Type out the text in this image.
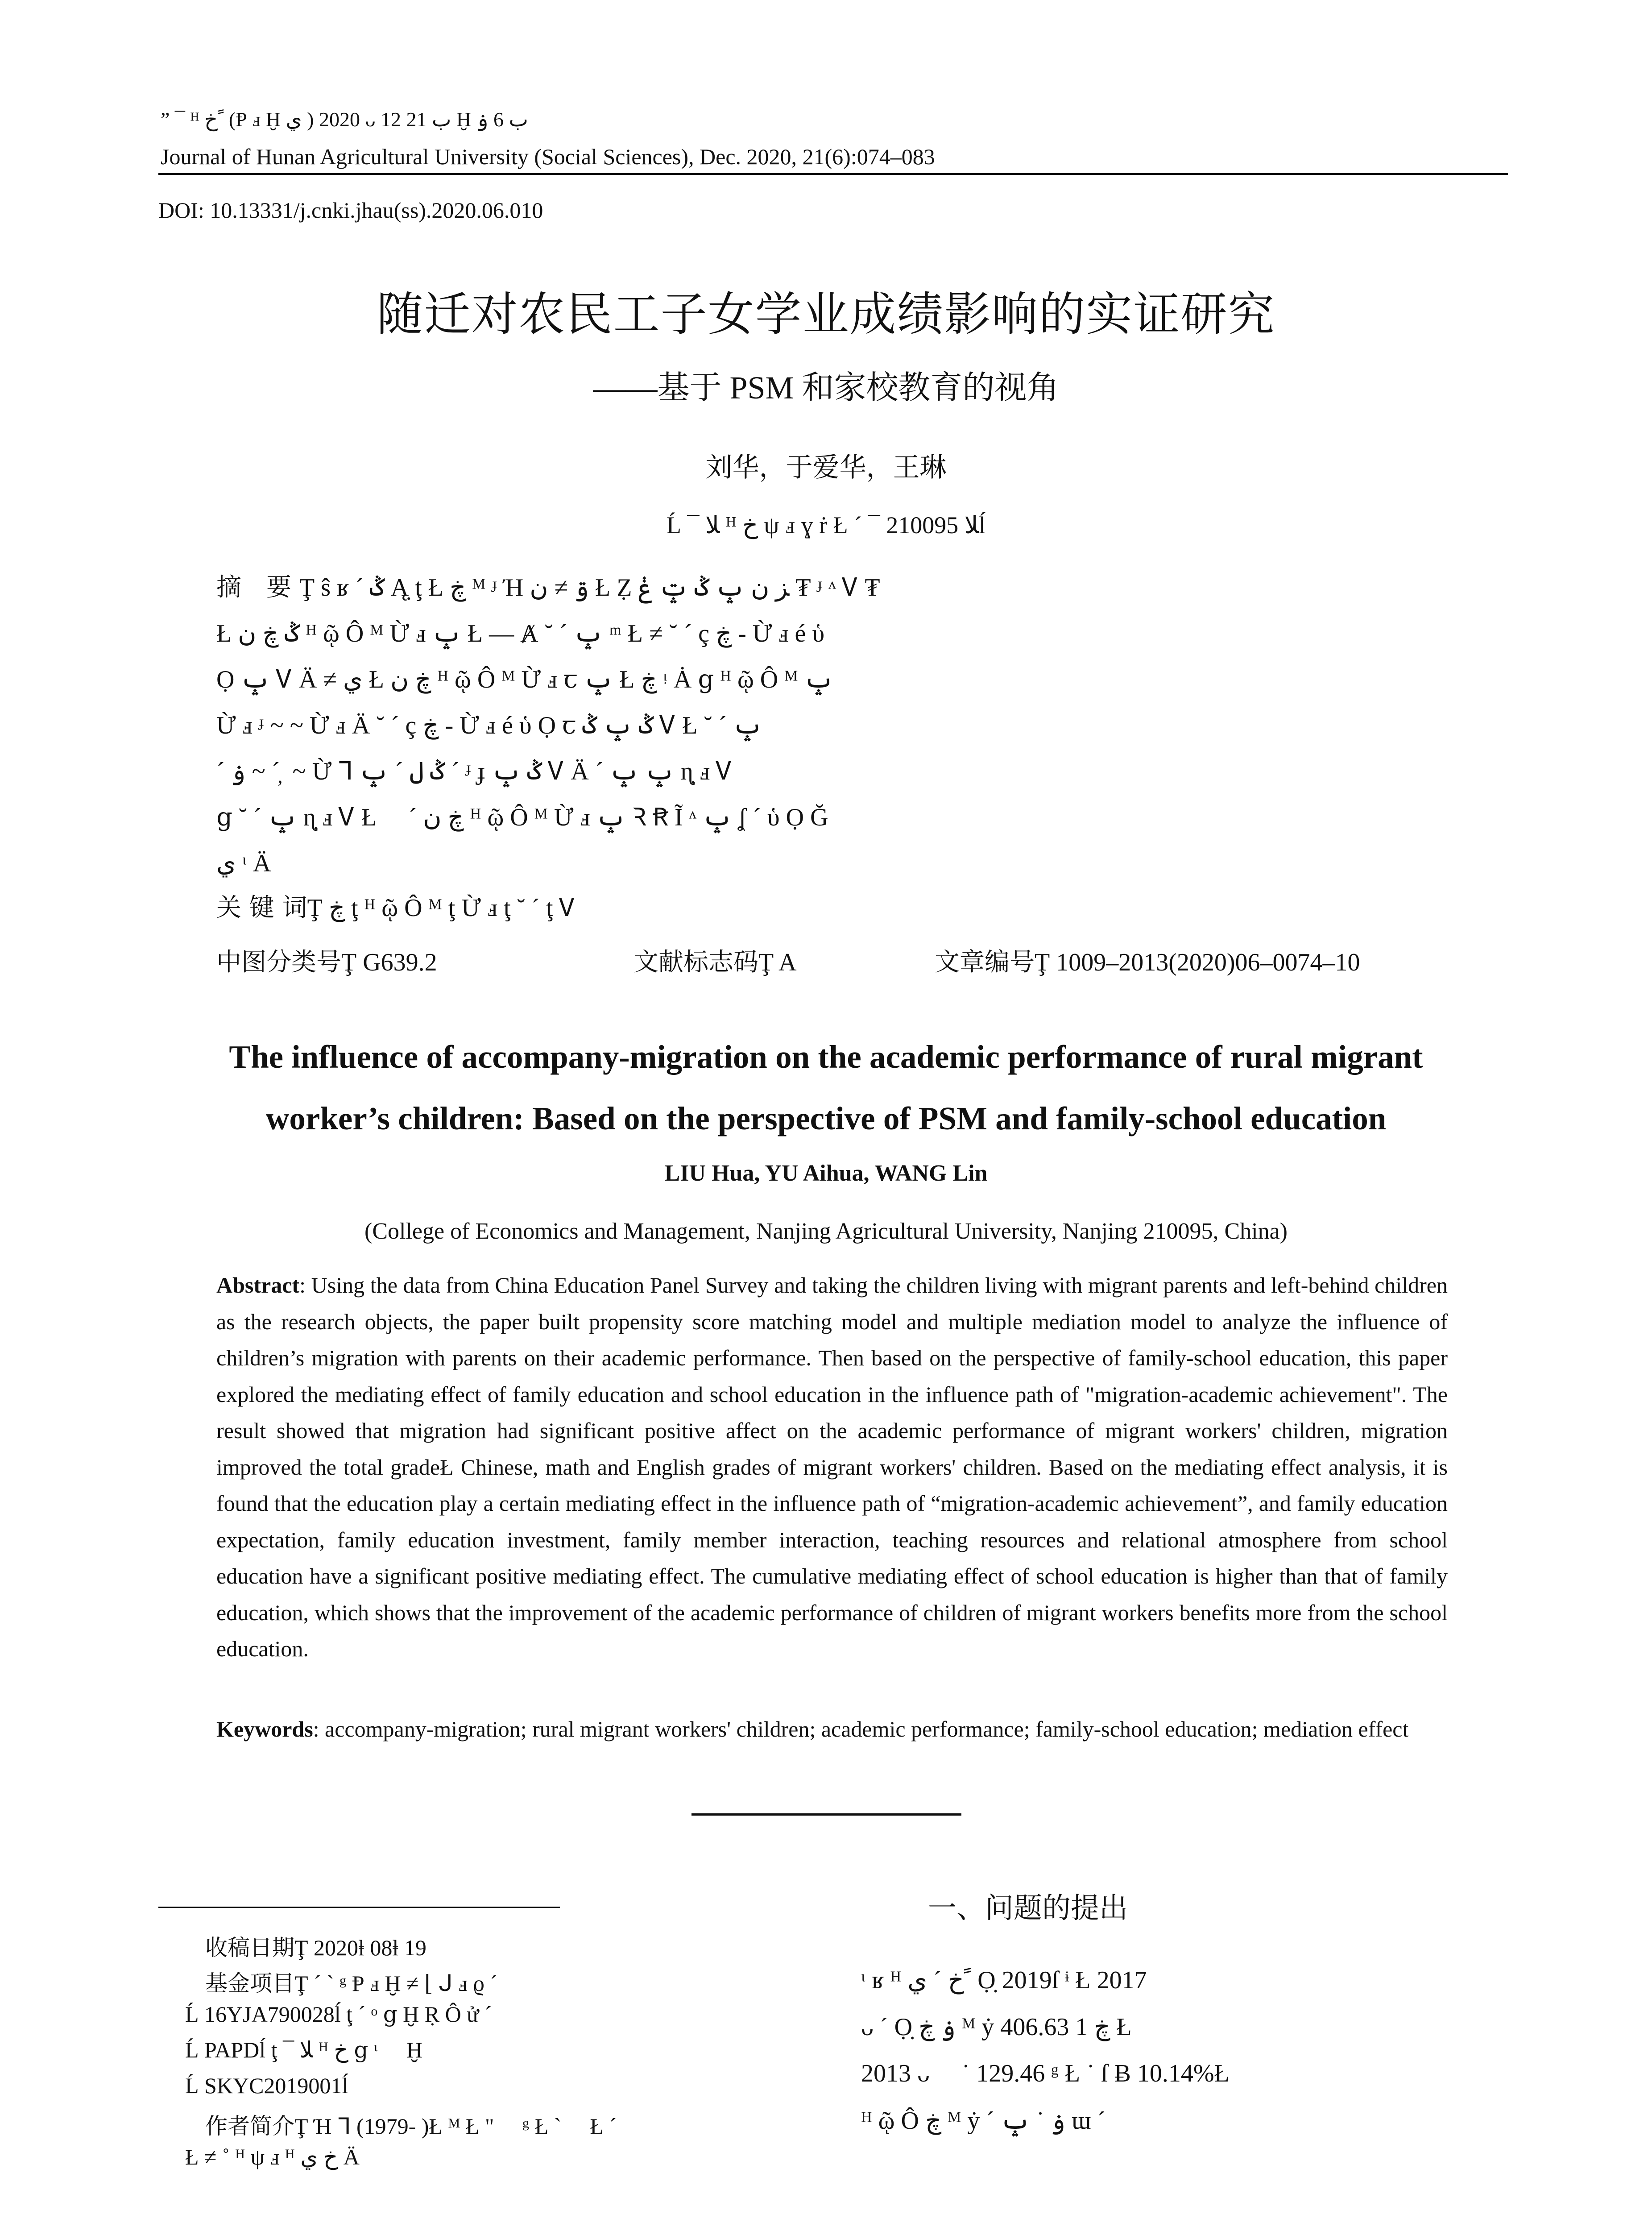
” ¯ ᴴ خ ً (Ᵽ ⅎ Ḫ ي ) 2020 ᴗ 12 ب 21 Ḫ ب 6 ۏ
Journal of Hunan Agricultural University (Social Sciences), Dec. 2020, 21(6):074–083
DOI: 10.13331/j.cnki.jhau(ss).2020.06.010
随迁对农民工子女学业成绩影响的实证研究
——基于 PSM 和家校教育的视角
刘华，于爱华，王琳
Ĺ ¯ ﻼ ᴴ خ ψ ⅎ ɣ ṙ Ł ´ ¯ ﻼ 210095ĺ
摘　要 Ţ ŝ ʁ ´ ݣ Ą̣ ţ Ł ڿ ᴹ ᶡ Ή ۊ ≠ ﻥ Ł Ẓ ﺰ ﻥ ݒ ݣ ݓ ݟ ₮ ᶡ ᶺ Ꮩ ₮
Ł ݣ ڿ ﻥ ᴴ ῷ Ô ᴹ Ừ ⅎ ݒ Ł — Ⱥ ˘ ´ ݒ ᵐ Ł ≠ ˘ ´ ç ڿ - Ừ ⅎ é ὑ
Ọ ݒ Ꮩ Ä ≠ ي Ł ڿ ﻥ ᴴ ῷ Ô ᴹ Ừ ⅎ ꞇ ݒ Ł ڿ ᵎ Ȧ ց ᴴ ῷ Ô ᴹ ݒ
Ừ ⅎ ᶡ ~ ~ Ừ ⅎ Ä ˘ ´ ç ڿ - Ừ ⅎ é ὑ Ọ ꞇ ݣ ݒ ݣ Ꮩ Ł ˘ ´ ݒ
´ ۏ ~ ´ ̦ ~ Ừ ᒣ ݣ ل ´ ݒ ´ ᶡ ɟ ݣ ݒ Ꮩ Ä ´ ݒ ݒ ɳ̣ ⅎ Ꮩ
ց ˘ ´ ݒ ɳ̣ ⅎ Ꮩ Ł ⃞ ´ ڿ ﻥ ᴴ ῷ Ô ᴹ Ừ ⅎ ݒ Ꝛ Ꞧ Ĩ ᶺ ݒ ʆ ´ ὑ Ọ Ğ
ي ᶥ Ä
关 键 词Ţ ڿ ţ ᴴ ῷ Ô ᴹ ţ Ừ ⅎ ţ ˘ ´ ţ Ꮩ
中图分类号Ţ G639.2	文献标志码Ţ A	文章编号Ţ 1009–2013(2020)06–0074–10
The influence of accompany-migration on the academic performance of rural migrant
worker’s children: Based on the perspective of PSM and family-school education
LIU Hua, YU Aihua, WANG Lin
(College of Economics and Management, Nanjing Agricultural University, Nanjing 210095, China)
Abstract: Using the data from China Education Panel Survey and taking the children living with migrant parents and left-behind children as the research objects, the paper built propensity score matching model and multiple mediation model to analyze the influence of children’s migration with parents on their academic performance. Then based on the perspective of family-school education, this paper explored the mediating effect of family education and school education in the influence path of "migration-academic achievement". The result showed that migration had significant positive affect on the academic performance of migrant workers' children, migration improved the total gradeŁ Chinese, math and English grades of migrant workers' children. Based on the mediating effect analysis, it is found that the education play a certain mediating effect in the influence path of “migration-academic achievement”, and family education expectation, family education investment, family member interaction, teaching resources and relational atmosphere from school education have a significant positive mediating effect. The cumulative mediating effect of school education is higher than that of family education, which shows that the improvement of the academic performance of children of migrant workers benefits more from the school education.
Keywords: accompany-migration; rural migrant workers' children; academic performance; family-school education; mediation effect
收稿日期Ţ 2020ⱡ 08ⱡ 19
基金项目Ţ ´ ˋ ᵍ Ᵽ ⅎ Ḫ ≠ ⌊ ᒍ ⅎ ϱ ˊ
Ĺ 16YJA790028ĺ ţ ´ ᵒ ց Ḫ Ṛ Ô ử ˊ
Ĺ PAPDĺ ţ ¯ ﻼ ᴴ خ ց ᶥ ⃞ Ḫ ﹐
Ĺ SKYC2019001ĺ
作者简介Ţ Ή ᒣ (1979- )Ł ᴹ Ł " ⃞ ᵍ Ł ˋ ﹐ Ł ´
Ł ≠ ˚ ᴴ ψ ⅎ ᴴ خ ي Ä
一、问题的提出
ᶥ ʁ ᴴ خ ´ ي ً Ọ̣ 2019ſ ᶤ Ł 2017
ᴗ ´ Ọ̣ ۏ ڿ ᴹ ẏ ڿ 1 406.63 Ł
2013 ᴗ ⃞ ˙ 129.46 ᵍ Ł ˙ ſ Ƀ 10.14%Ł
ᴴ ῷ Ô ڿ ᴹ ẏ ´ ۏ ˙ ݒ ɯ ´
